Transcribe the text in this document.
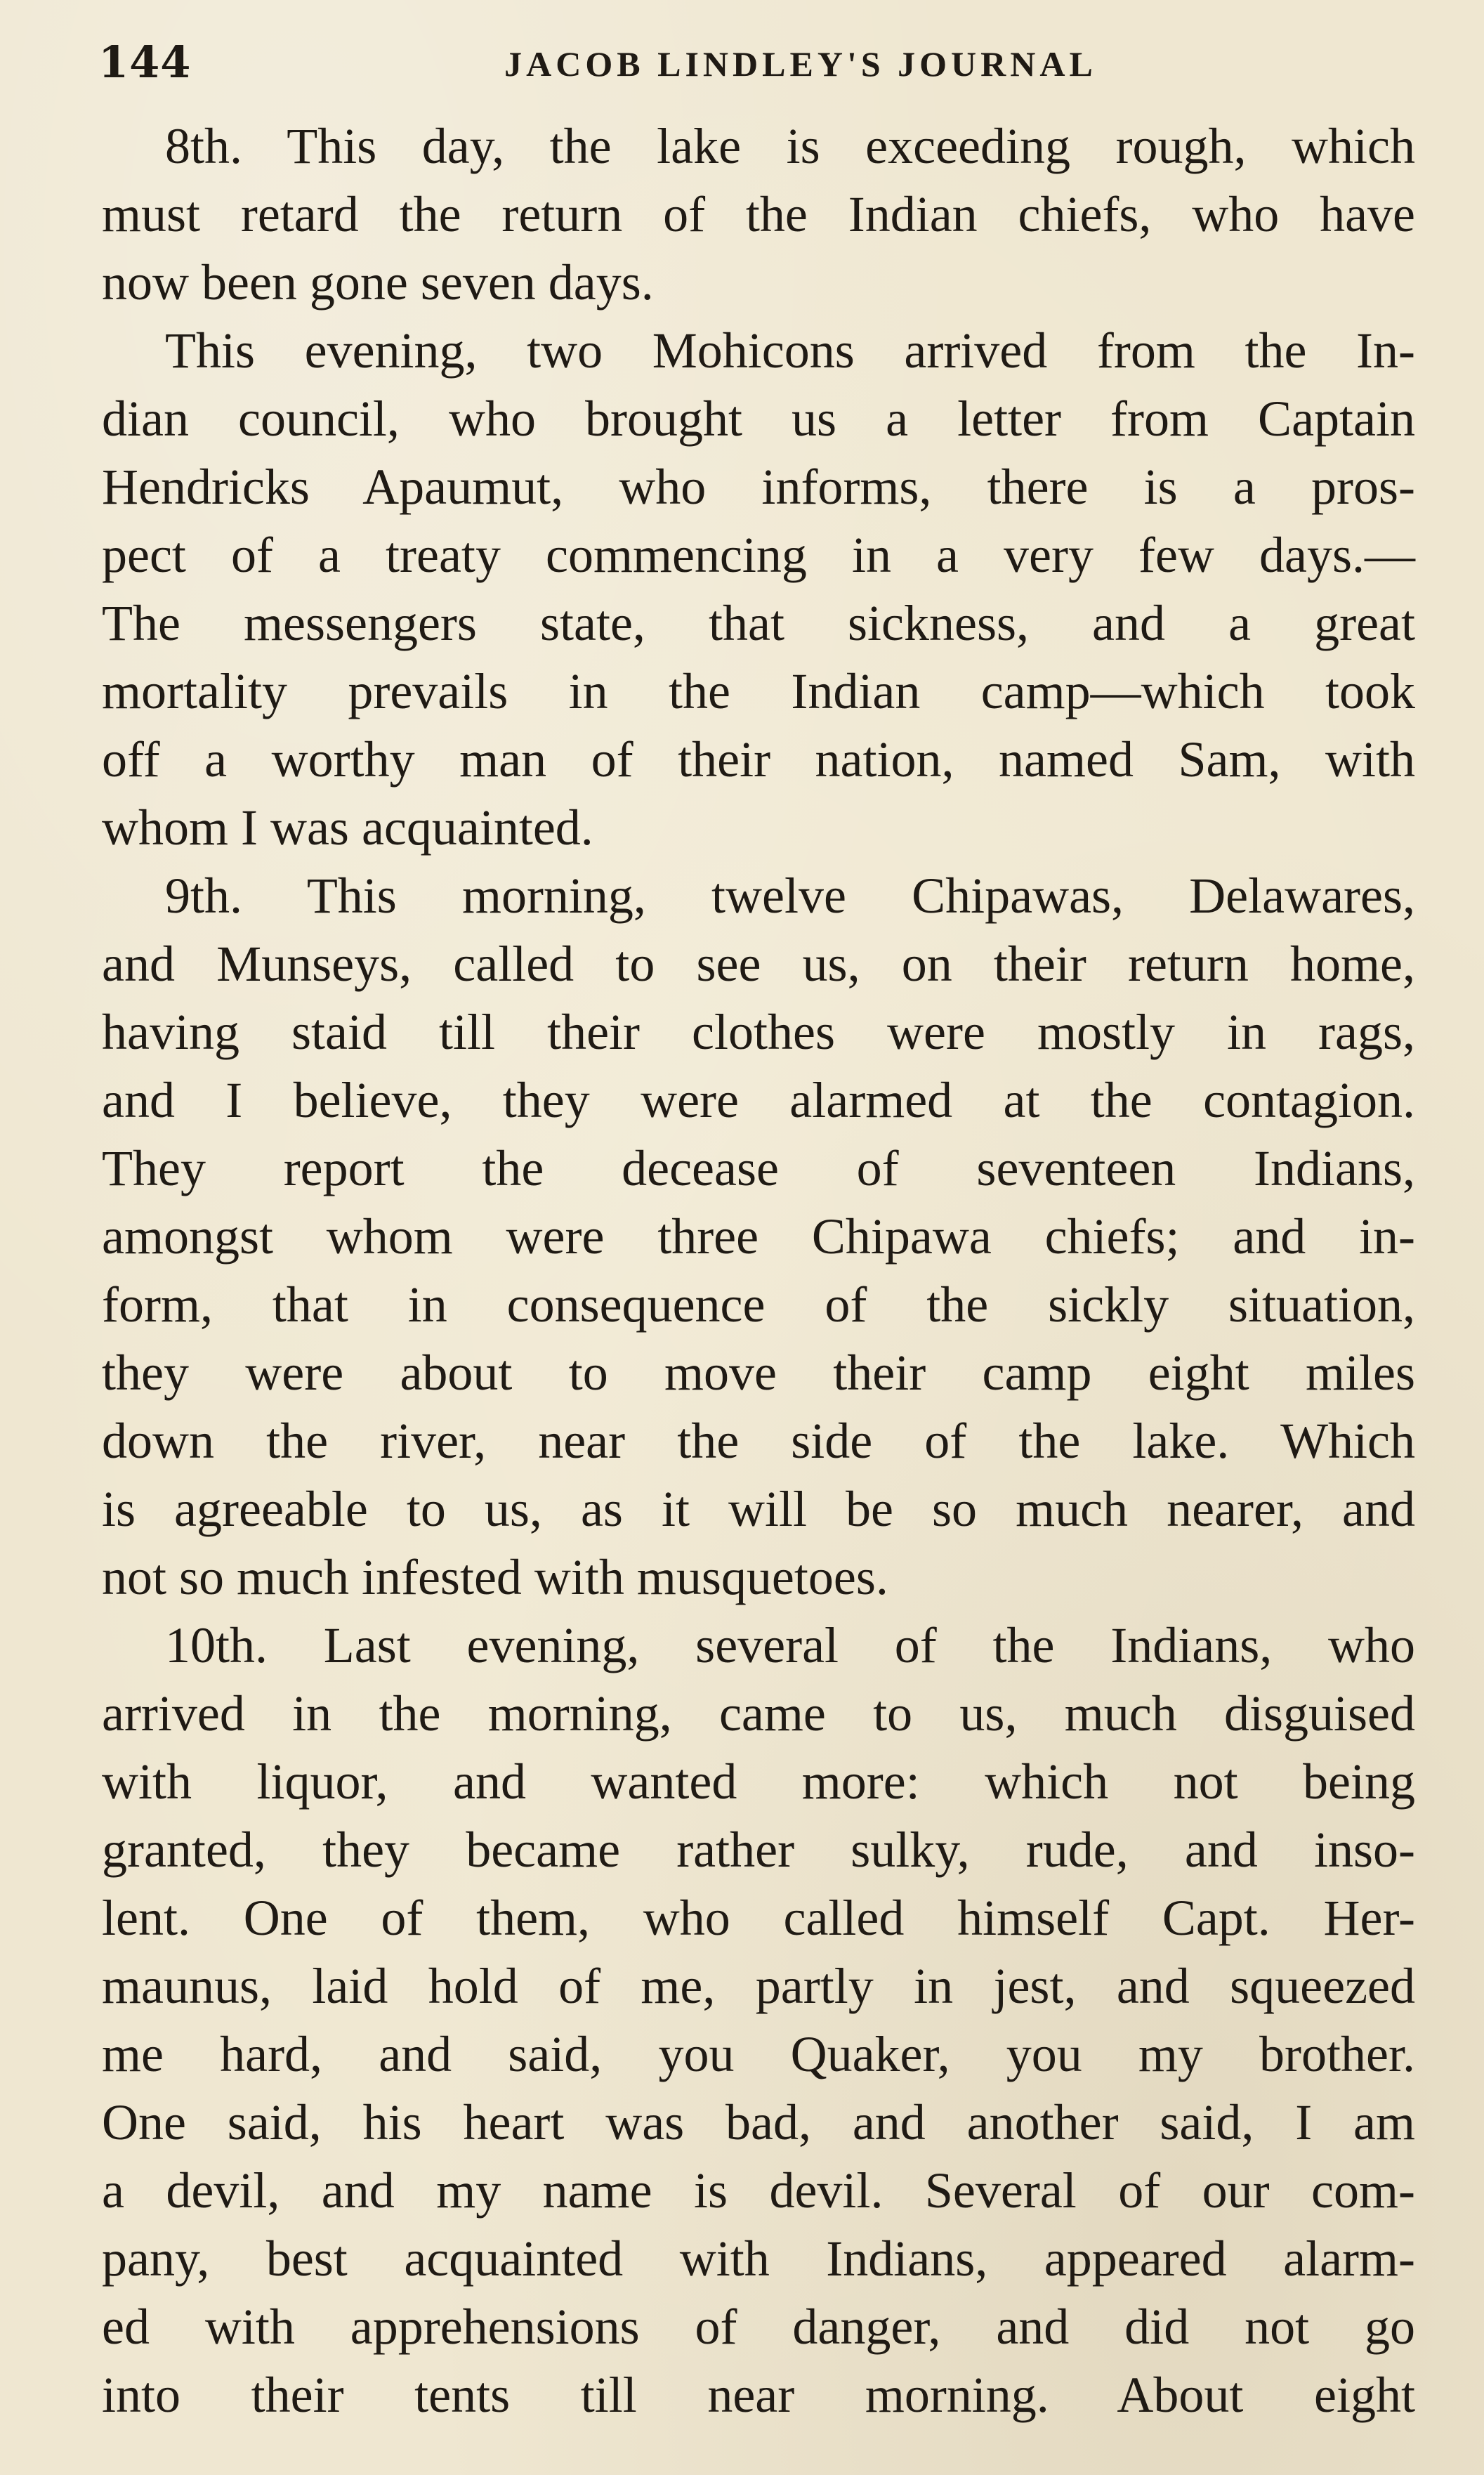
144	JACOB LINDLEY'S JOURNAL
8th. This day, the lake is exceeding rough, which
must retard the return of the Indian chiefs, who have
now been gone seven days.
This evening, two Mohicons arrived from the In-
dian council, who brought us a letter from Captain
Hendricks Apaumut, who informs, there is a pros-
pect of a treaty commencing in a very few days.—
The messengers state, that sickness, and a great
mortality prevails in the Indian camp—which took
off a worthy man of their nation, named Sam, with
whom I was acquainted.
9th. This morning, twelve Chipawas, Delawares,
and Munseys, called to see us, on their return home,
having staid till their clothes were mostly in rags,
and I believe, they were alarmed at the contagion.
They report the decease of seventeen Indians,
amongst whom were three Chipawa chiefs; and in-
form, that in consequence of the sickly situation,
they were about to move their camp eight miles
down the river, near the side of the lake. Which
is agreeable to us, as it will be so much nearer, and
not so much infested with musquetoes.
10th. Last evening, several of the Indians, who
arrived in the morning, came to us, much disguised
with liquor, and wanted more: which not being
granted, they became rather sulky, rude, and inso-
lent. One of them, who called himself Capt. Her-
maunus, laid hold of me, partly in jest, and squeezed
me hard, and said, you Quaker, you my brother.
One said, his heart was bad, and another said, I am
a devil, and my name is devil. Several of our com-
pany, best acquainted with Indians, appeared alarm-
ed with apprehensions of danger, and did not go
into their tents till near morning. About eight
